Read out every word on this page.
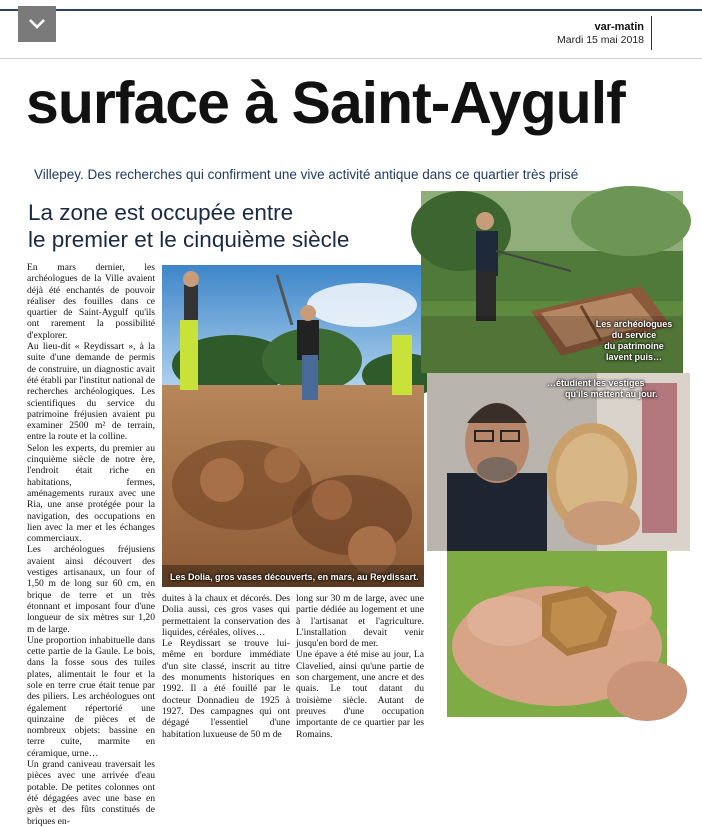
var-matin
Mardi 15 mai 2018
surface à Saint-Aygulf
Villepey. Des recherches qui confirment une vive activité antique dans ce quartier très prisé
La zone est occupée entre
le premier et le cinquième siècle

En mars dernier, les archéologues de la Ville avaient déjà été enchantés de pouvoir réaliser des fouilles dans ce quartier de Saint-Aygulf qu'ils ont rarement la possibilité d'explorer.

Au lieu-dit « Reydissart », à la suite d'une demande de permis de construire, un diagnostic avait été établi par l'institut national de recherches archéologiques. Les scientifiques du service du patrimoine fréjusien avaient pu examiner 2500 m² de terrain, entre la route et la colline.

Selon les experts, du premier au cinquième siècle de notre ère, l'endroit était riche en habitations, fermes, aménagements ruraux avec une Ria, une anse protégée pour la navigation, des occupations en lien avec la mer et les échanges commerciaux.

Les archéologues fréjusiens avaient ainsi découvert des vestiges artisanaux, un four of 1,50 m de long sur 60 cm, en brique de terre et un très étonnant et imposant four d'une longueur de six mètres sur 1,20 m de large.

Une proportion inhabituelle dans cette partie de la Gaule. Le bois, dans la fosse sous des tuiles plates, alimentait le four et la sole en terre crue était tenue par des piliers. Les archéologues ont également répertorié une quinzaine de pièces et de nombreux objets: bassine en terre cuite, marmite en céramique, urne…

Un grand caniveau traversait les pièces avec une arrivée d'eau potable. De petites colonnes ont été dégagées avec une base en grès et des fûts constitués de briques en-

duites à la chaux et décorés. Des Dolia aussi, ces gros vases qui permettaient la conservation des liquides, céréales, olives…

Le Reydissart se trouve lui-même en bordure immédiate d'un site classé, inscrit au titre des monuments historiques en 1992. Il a été fouillé par le docteur Donnadieu de 1925 à 1927. Des campagnes qui ont dégagé l'essentiel d'une habitation luxueuse de 50 m de

long sur 30 m de large, avec une partie dédiée au logement et une à l'artisanat et l'agriculture. L'installation devait venir jusqu'en bord de mer.

Une épave a été mise au jour, La Clavelied, ainsi qu'une partie de son chargement, une ancre et des quais. Le tout datant du troisième siècle. Autant de preuves d'une occupation importante de ce quartier par les Romains.

Les Dolia, gros vases découverts, en mars, au Reydissart.
Les archéologues
du service
du patrimoine
lavent puis…
…étudient les vestiges
qu'ils mettent au jour.
